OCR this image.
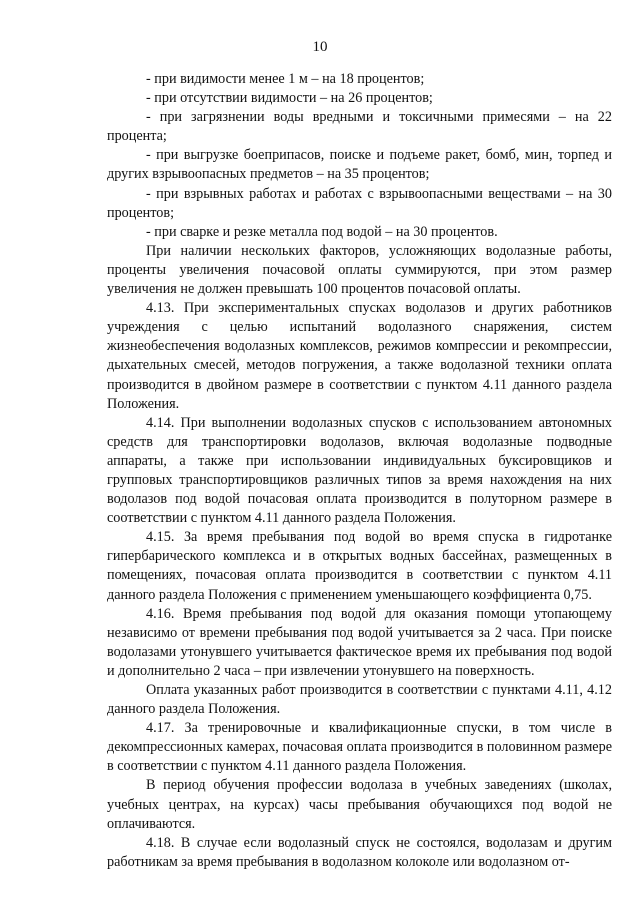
10

- при видимости менее 1 м – на 18 процентов;

- при отсутствии видимости – на 26 процентов;

- при загрязнении воды вредными и токсичными примесями – на 22 процента;

- при выгрузке боеприпасов, поиске и подъеме ракет, бомб, мин, торпед и других взрывоопасных предметов – на 35 процентов;

- при взрывных работах и работах с взрывоопасными веществами – на 30 процентов;

- при сварке и резке металла под водой – на 30 процентов.

При наличии нескольких факторов, усложняющих водолазные работы, проценты увеличения почасовой оплаты суммируются, при этом размер увеличения не должен превышать 100 процентов почасовой оплаты.

4.13. При экспериментальных спусках водолазов и других работников учреждения с целью испытаний водолазного снаряжения, систем жизнеобеспечения водолазных комплексов, режимов компрессии и рекомпрессии, дыхательных смесей, методов погружения, а также водолазной техники оплата производится в двойном размере в соответствии с пунктом 4.11 данного раздела Положения.

4.14. При выполнении водолазных спусков с использованием автономных средств для транспортировки водолазов, включая водолазные подводные аппараты, а также при использовании индивидуальных буксировщиков и групповых транспортировщиков различных типов за время нахождения на них водолазов под водой почасовая оплата производится в полуторном размере в соответствии с пунктом 4.11 данного раздела Положения.

4.15. За время пребывания под водой во время спуска в гидротанке гипербарического комплекса и в открытых водных бассейнах, размещенных в помещениях, почасовая оплата производится в соответствии с пунктом 4.11 данного раздела Положения с применением уменьшающего коэффициента 0,75.

4.16. Время пребывания под водой для оказания помощи утопающему независимо от времени пребывания под водой учитывается за 2 часа. При поиске водолазами утонувшего учитывается фактическое время их пребывания под водой и дополнительно 2 часа – при извлечении утонувшего на поверхность.

Оплата указанных работ производится в соответствии с пунктами 4.11, 4.12 данного раздела Положения.

4.17. За тренировочные и квалификационные спуски, в том числе в декомпрессионных камерах, почасовая оплата производится в половинном размере в соответствии с пунктом 4.11 данного раздела Положения.

В период обучения профессии водолаза в учебных заведениях (школах, учебных центрах, на курсах) часы пребывания обучающихся под водой не оплачиваются.

4.18. В случае если водолазный спуск не состоялся, водолазам и другим работникам за время пребывания в водолазном колоколе или водолазном от-
